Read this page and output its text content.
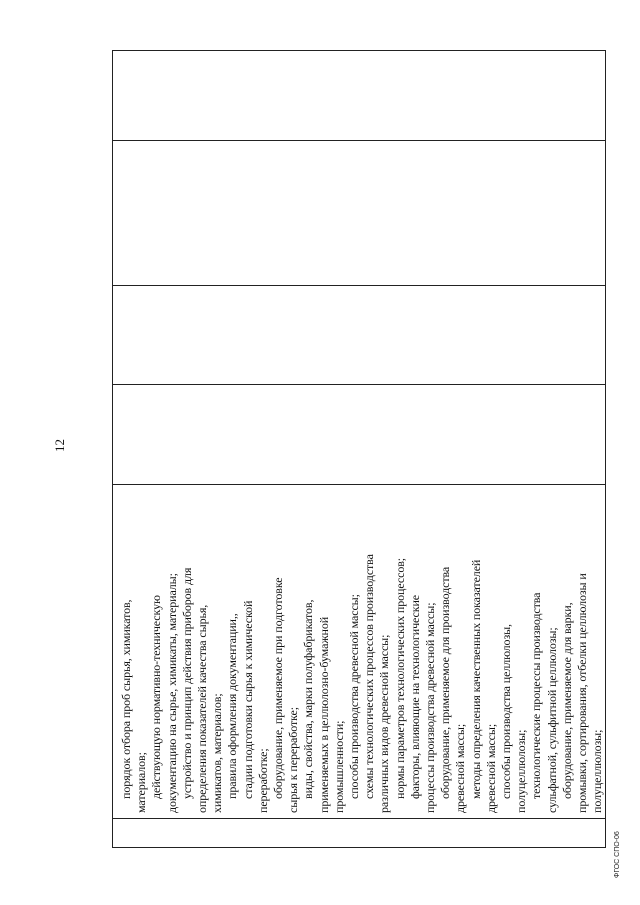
12
порядок отбора проб сырья, химикатов, материалов; действующую нормативно-техническую документацию на сырье, химикаты, материалы; устройство и принцип действия приборов для определения показателей качества сырья, химикатов, материалов; правила оформления документации,, стадии подготовки сырья к химической переработке; оборудование, применяемое при подготовке сырья к переработке; виды, свойства, марки полуфабрикатов, применяемых в целлюлозно-бумажной промышленности; способы производства древесной массы; схемы технологических процессов производства различных видов древесной массы; нормы параметров технологических процессов; факторы, влияющие на технологические процессы производства древесной массы; оборудование, применяемое для производства древесной массы; методы определения качественных показателей древесной массы; способы производства целлюлозы, полуцеллюлозы; технологические процессы производства сульфатной, сульфитной целлюлозы; оборудование, применяемое для варки, промывки, сортирования, отбелки целлюлозы и полуцеллюлозы;
ФГОС СПО-06
